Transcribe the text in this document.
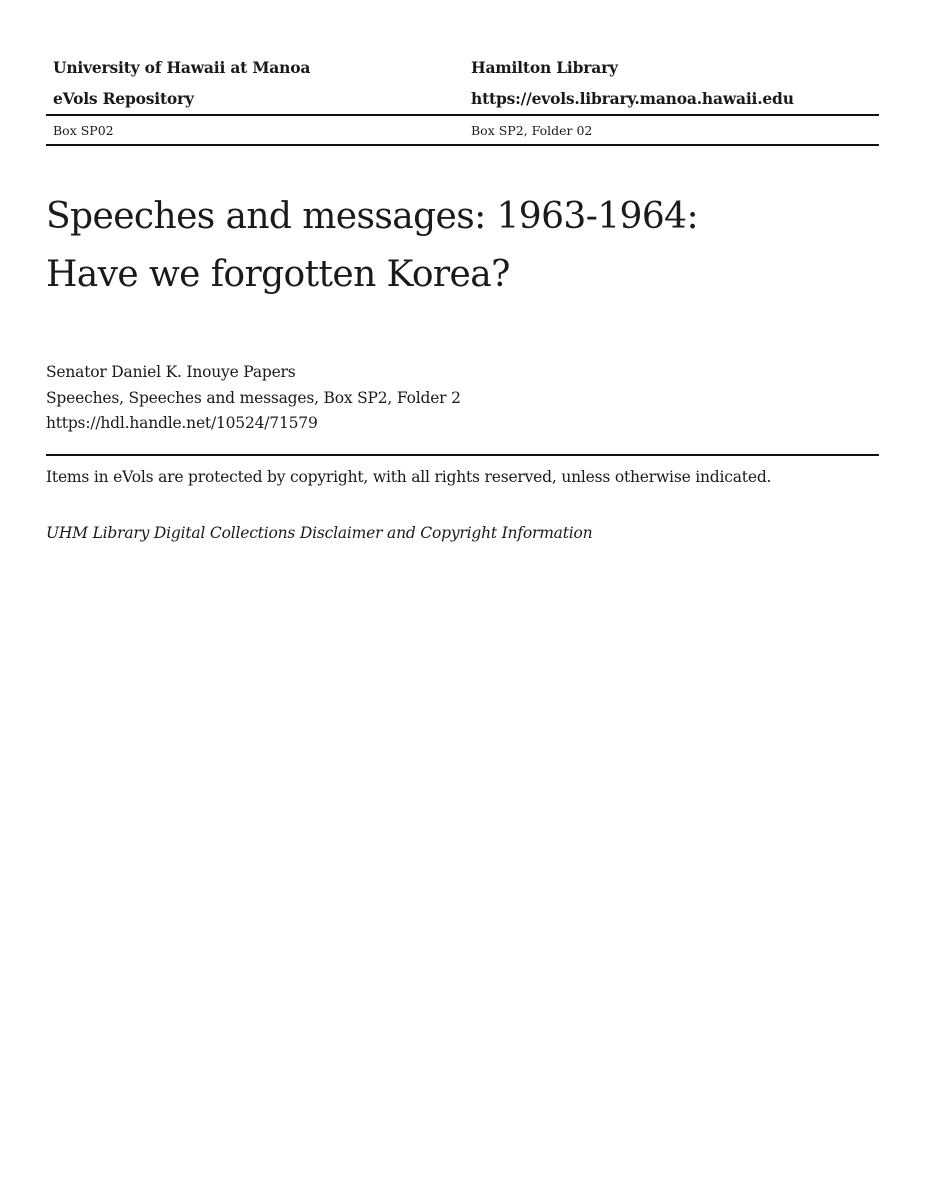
University of Hawaii at Manoa	Hamilton Library
eVols Repository	https://evols.library.manoa.hawaii.edu
Box SP02	Box SP2, Folder 02
Speeches and messages: 1963-1964:
Have we forgotten Korea?
Senator Daniel K. Inouye Papers
Speeches, Speeches and messages, Box SP2, Folder 2
https://hdl.handle.net/10524/71579
Items in eVols are protected by copyright, with all rights reserved, unless otherwise indicated.
UHM Library Digital Collections Disclaimer and Copyright Information
